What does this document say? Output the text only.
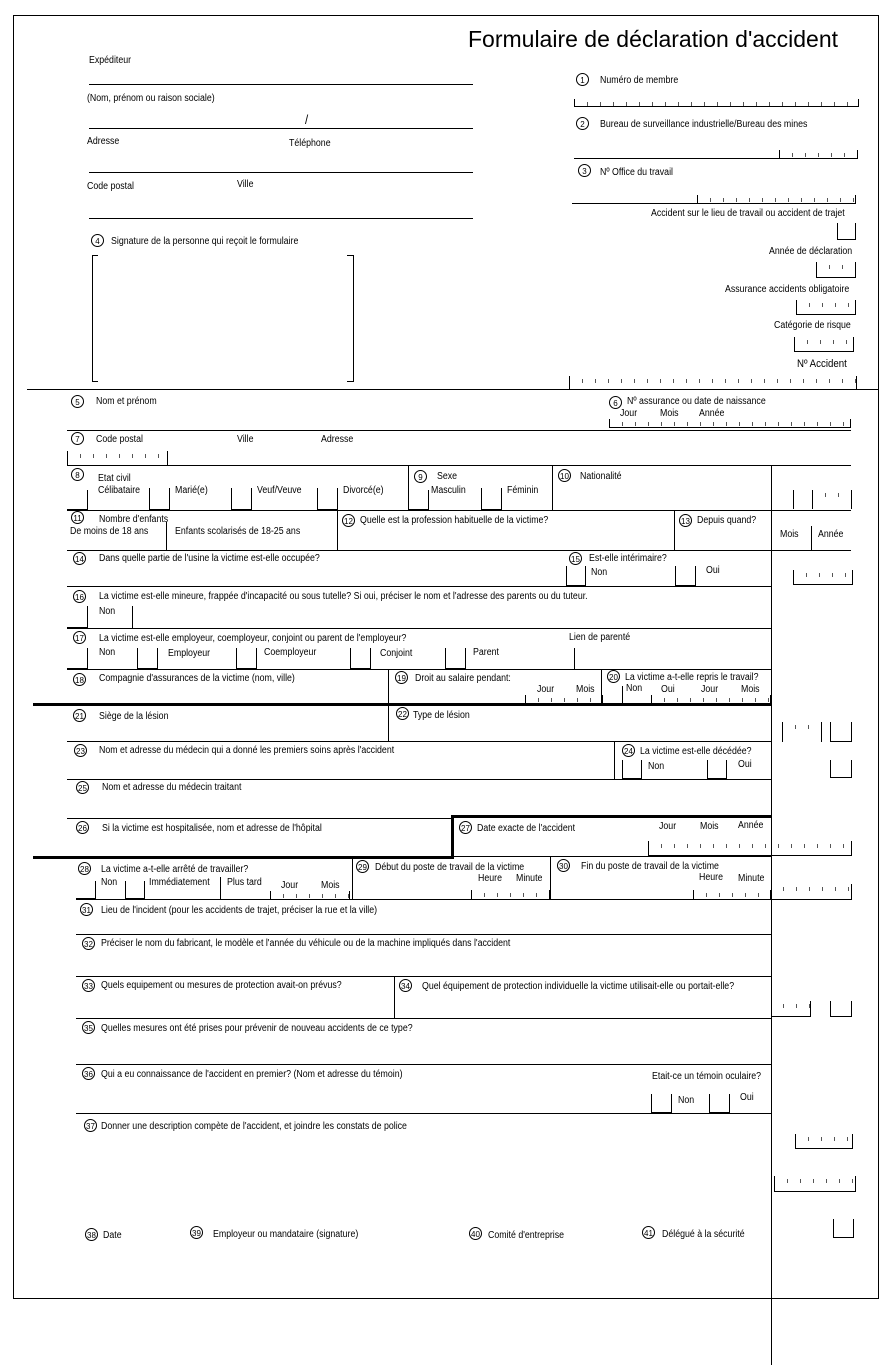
Formulaire de déclaration d'accident
Expéditeur
(Nom, prénom ou raison sociale)
/
Adresse	Téléphone
Code postal	Ville
4	Signature de la personne qui reçoit le formulaire
1	Numéro de membre
2	Bureau de surveillance industrielle/Bureau des mines
3	Nº Office du travail
Accident sur le lieu de travail ou accident de trajet
Année de déclaration
Assurance accidents obligatoire
Catégorie de risque
Nº Accident
5	Nom et prénom	6 Nº assurance ou date de naissance
Jour Mois Année
7	Code postal	Ville	Adresse
8	Etat civil
Célibataire	Marié(e)	Veuf/Veuve	Divorcé(e)
9	Sexe
Masculin	Féminin
10 Nationalité
11 Nombre d'enfants
De moins de 18 ans	Enfants scolarisés de 18-25 ans
12 Quelle est la profession habituelle de la victime?	13 Depuis quand?
Mois Année
14 Dans quelle partie de l'usine la victime est-elle occupée?	15 Est-elle intérimaire?
Non	Oui
16 La victime est-elle mineure, frappée d'incapacité ou sous tutelle? Si oui, préciser le nom et l'adresse des parents ou du tuteur.
Non
17 La victime est-elle employeur, coemployeur, conjoint ou parent de l'employeur?	Lien de parenté
Non	Employeur	Coemployeur	Conjoint	Parent
18 Compagnie d'assurances de la victime (nom, ville)	19 Droit au salaire pendant:
Jour Mois
20 La victime a-t-elle repris le travail?
Non Oui	Jour Mois
21 Siège de la lésion	22 Type de lésion
23 Nom et adresse du médecin qui a donné les premiers soins après l'accident	24 La victime est-elle décédée?
Non	Oui
25 Nom et adresse du médecin traitant
26 Si la victime est hospitalisée, nom et adresse de l'hôpital	27 Date exacte de l'accident	Jour Mois Année
28 La victime a-t-elle arrêté de travailler?
Non	Immédiatement Plus tard Jour Mois
29 Début du poste de travail de la victime
Heure Minute
30 Fin du poste de travail de la victime
Heure Minute
31 Lieu de l'incident (pour les accidents de trajet, préciser la rue et la ville)
32 Préciser le nom du fabricant, le modèle et l'année du véhicule ou de la machine impliqués dans l'accident
33 Quels equipement ou mesures de protection avait-on prévus?	34 Quel équipement de protection individuelle la victime utilisait-elle ou portait-elle?
35 Quelles mesures ont été prises pour prévenir de nouveau accidents de ce type?
36 Qui a eu connaissance de l'accident en premier? (Nom et adresse du témoin)	Etait-ce un témoin oculaire?
Non	Oui
37 Donner une description compète de l'accident, et joindre les constats de police
38 Date	39 Employeur ou mandataire (signature)	40 Comité d'entreprise	41 Délégué à la sécurité
